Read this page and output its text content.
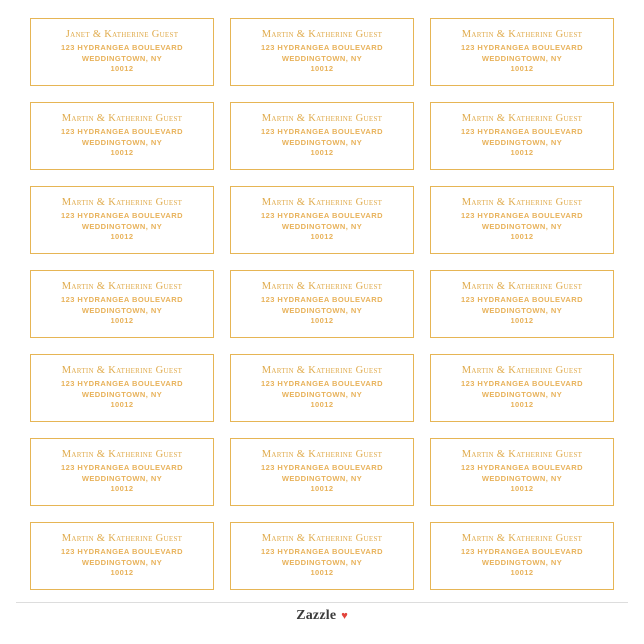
Janet & Katherine Guest
123 HYDRANGEA BOULEVARD
WEDDINGTOWN, NY
10012
Martin & Katherine Guest
123 HYDRANGEA BOULEVARD
WEDDINGTOWN, NY
10012
Martin & Katherine Guest
123 HYDRANGEA BOULEVARD
WEDDINGTOWN, NY
10012
Martin & Katherine Guest
123 HYDRANGEA BOULEVARD
WEDDINGTOWN, NY
10012
Martin & Katherine Guest
123 HYDRANGEA BOULEVARD
WEDDINGTOWN, NY
10012
Martin & Katherine Guest
123 HYDRANGEA BOULEVARD
WEDDINGTOWN, NY
10012
Martin & Katherine Guest
123 HYDRANGEA BOULEVARD
WEDDINGTOWN, NY
10012
Martin & Katherine Guest
123 HYDRANGEA BOULEVARD
WEDDINGTOWN, NY
10012
Martin & Katherine Guest
123 HYDRANGEA BOULEVARD
WEDDINGTOWN, NY
10012
Martin & Katherine Guest
123 HYDRANGEA BOULEVARD
WEDDINGTOWN, NY
10012
Martin & Katherine Guest
123 HYDRANGEA BOULEVARD
WEDDINGTOWN, NY
10012
Martin & Katherine Guest
123 HYDRANGEA BOULEVARD
WEDDINGTOWN, NY
10012
Martin & Katherine Guest
123 HYDRANGEA BOULEVARD
WEDDINGTOWN, NY
10012
Martin & Katherine Guest
123 HYDRANGEA BOULEVARD
WEDDINGTOWN, NY
10012
Martin & Katherine Guest
123 HYDRANGEA BOULEVARD
WEDDINGTOWN, NY
10012
Martin & Katherine Guest
123 HYDRANGEA BOULEVARD
WEDDINGTOWN, NY
10012
Martin & Katherine Guest
123 HYDRANGEA BOULEVARD
WEDDINGTOWN, NY
10012
Martin & Katherine Guest
123 HYDRANGEA BOULEVARD
WEDDINGTOWN, NY
10012
Martin & Katherine Guest
123 HYDRANGEA BOULEVARD
WEDDINGTOWN, NY
10012
Martin & Katherine Guest
123 HYDRANGEA BOULEVARD
WEDDINGTOWN, NY
10012
Martin & Katherine Guest
123 HYDRANGEA BOULEVARD
WEDDINGTOWN, NY
10012
Zazzle ♥
